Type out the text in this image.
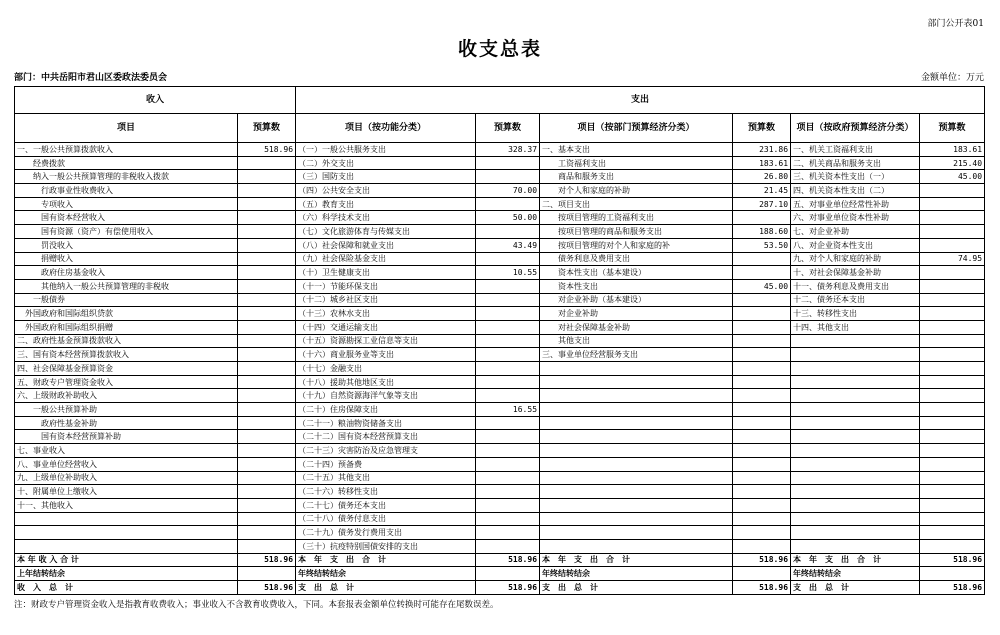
部门公开表01
收支总表
部门：中共岳阳市君山区委政法委员会	金额单位：万元
收入		支出					
项目	预算数	项目（按功能分类）	预算数	项目（按部门预算经济分类）	预算数	项目（按政府预算经济分类）	预算数
一、一般公共预算拨款收入	518.96	（一）一般公共服务支出	328.37	一、基本支出	231.86	一、机关工资福利支出	183.61
　　经费拨款		（二）外交支出		　　工资福利支出	183.61	二、机关商品和服务支出	215.40
　　纳入一般公共预算管理的非税收入拨款		（三）国防支出		　　商品和服务支出	26.80	三、机关资本性支出（一）	45.00
　　　行政事业性收费收入		（四）公共安全支出	70.00	　　对个人和家庭的补助	21.45	四、机关资本性支出（二）	
　　　专项收入		（五）教育支出		二、项目支出	287.10	五、对事业单位经常性补助	
　　　国有资本经营收入		（六）科学技术支出	50.00	　　按项目管理的工资福利支出		六、对事业单位资本性补助	
　　　国有资源（资产）有偿使用收入		（七）文化旅游体育与传媒支出		　　按项目管理的商品和服务支出	188.60	七、对企业补助	
　　　罚没收入		（八）社会保障和就业支出	43.49	　　按项目管理的对个人和家庭的补	53.50	八、对企业资本性支出	
　　　捐赠收入		（九）社会保险基金支出		　　债务利息及费用支出		九、对个人和家庭的补助	74.95
　　　政府住房基金收入		（十）卫生健康支出	10.55	　　资本性支出（基本建设）		十、对社会保障基金补助	
　　　其他纳入一般公共预算管理的非税收		（十一）节能环保支出		　　资本性支出	45.00	十一、债务利息及费用支出	
　　一般债券		（十二）城乡社区支出		　　对企业补助（基本建设）		十二、债务还本支出	
　外国政府和国际组织贷款		（十三）农林水支出		　　对企业补助		十三、转移性支出	
　外国政府和国际组织捐赠		（十四）交通运输支出		　　对社会保障基金补助		十四、其他支出	
二、政府性基金预算拨款收入		（十五）资源勘探工业信息等支出		　　其他支出			
三、国有资本经营预算拨款收入		（十六）商业服务业等支出		三、事业单位经营服务支出			
四、社会保障基金预算资金		（十七）金融支出					
五、财政专户管理资金收入		（十八）援助其他地区支出					
六、上级财政补助收入		（十九）自然资源海洋气象等支出					
　　一般公共预算补助		（二十）住房保障支出	16.55				
　　　政府性基金补助		（二十一）粮油物资储备支出					
　　　国有资本经营预算补助		（二十二）国有资本经营预算支出					
七、事业收入		（二十三）灾害防治及应急管理支					
八、事业单位经营收入		（二十四）预备费					
九、上级单位补助收入		（二十五）其他支出					
十、附属单位上缴收入		（二十六）转移性支出					
十一、其他收入		（二十七）债务还本支出					
		（二十八）债务付息支出					
		（二十九）债务发行费用支出					
		（三十）抗疫特别国债安排的支出					
本 年 收 入 合 计	518.96	本　年　支　出　合　计	518.96	本　年　支　出　合　计	518.96	本　年　支　出　合　计	518.96
上年结转结余		年终结转结余		年终结转结余		年终结转结余	
收　入　总　计	518.96	支　出　总　计	518.96	支　出　总　计	518.96	支　出　总　计	518.96
注：财政专户管理资金收入是指教育收费收入；事业收入不含教育收费收入，下同。本套报表金额单位转换时可能存在尾数误差。
